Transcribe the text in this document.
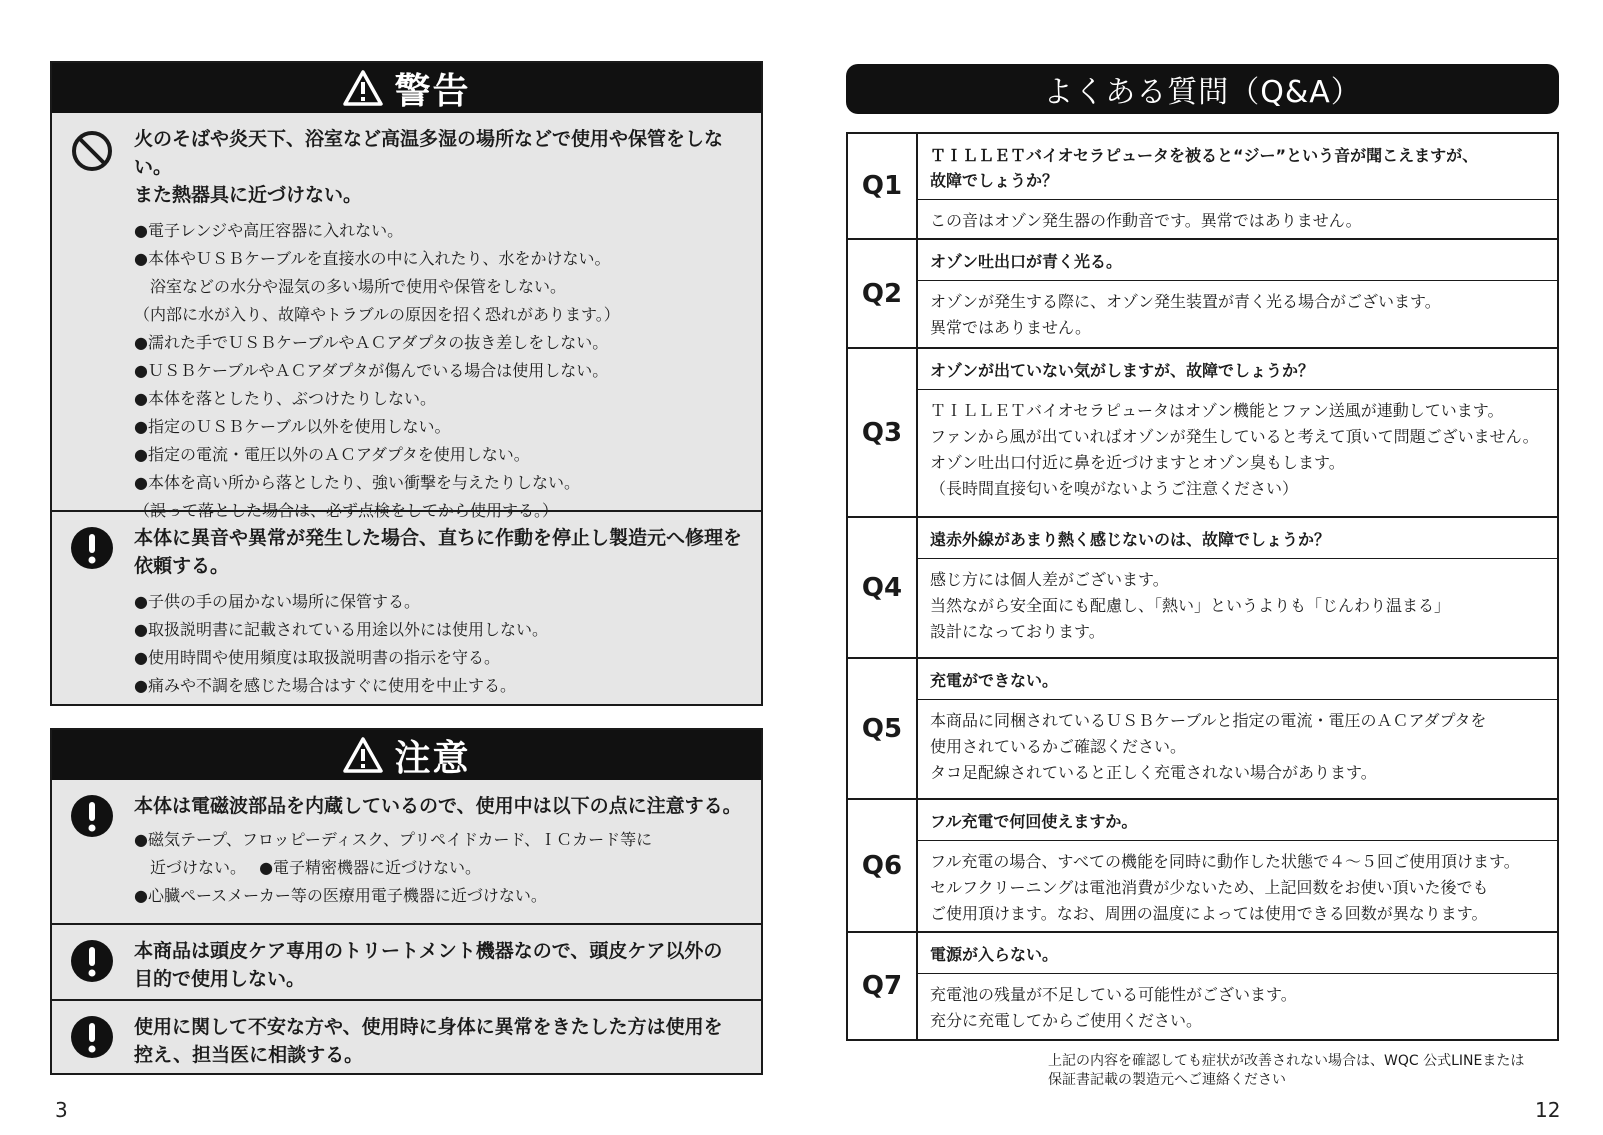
警告
火のそばや炎天下、浴室など高温多湿の場所などで使用や保管をしない。
また熱器具に近づけない。
●電子レンジや高圧容器に入れない。
●本体やＵＳＢケーブルを直接水の中に入れたり、水をかけない。
　浴室などの水分や湿気の多い場所で使用や保管をしない。
（内部に水が入り、故障やトラブルの原因を招く恐れがあります。）
●濡れた手でＵＳＢケーブルやＡＣアダプタの抜き差しをしない。
●ＵＳＢケーブルやＡＣアダプタが傷んでいる場合は使用しない。
●本体を落としたり、ぶつけたりしない。
●指定のＵＳＢケーブル以外を使用しない。
●指定の電流・電圧以外のＡＣアダプタを使用しない。
●本体を高い所から落としたり、強い衝撃を与えたりしない。
（誤って落とした場合は、必ず点検をしてから使用する。）
本体に異音や異常が発生した場合、直ちに作動を停止し製造元へ修理を
依頼する。
●子供の手の届かない場所に保管する。
●取扱説明書に記載されている用途以外には使用しない。
●使用時間や使用頻度は取扱説明書の指示を守る。
●痛みや不調を感じた場合はすぐに使用を中止する。
注意
本体は電磁波部品を内蔵しているので、使用中は以下の点に注意する。
●磁気テープ、フロッピーディスク、プリペイドカード、ＩＣカード等に
　近づけない。　 ●電子精密機器に近づけない。
●心臓ペースメーカー等の医療用電子機器に近づけない。
本商品は頭皮ケア専用のトリートメント機器なので、頭皮ケア以外の
目的で使用しない。
使用に関して不安な方や、使用時に身体に異常をきたした方は使用を
控え、担当医に相談する。
3
よくある質問（Q&A）
Q1
ＴＩＬＬＥＴバイオセラピュータを被ると“ジー”という音が聞こえますが、
故障でしょうか？
この音はオゾン発生器の作動音です。異常ではありません。
Q2
オゾン吐出口が青く光る。
オゾンが発生する際に、オゾン発生装置が青く光る場合がございます。
異常ではありません。
Q3
オゾンが出ていない気がしますが、故障でしょうか？
ＴＩＬＬＥＴバイオセラピュータはオゾン機能とファン送風が連動しています。
ファンから風が出ていればオゾンが発生していると考えて頂いて問題ございません。
オゾン吐出口付近に鼻を近づけますとオゾン臭もします。
（長時間直接匂いを嗅がないようご注意ください）
Q4
遠赤外線があまり熱く感じないのは、故障でしょうか？
感じ方には個人差がございます。
当然ながら安全面にも配慮し、「熱い」というよりも「じんわり温まる」
設計になっております。
Q5
充電ができない。
本商品に同梱されているＵＳＢケーブルと指定の電流・電圧のＡＣアダプタを
使用されているかご確認ください。
タコ足配線されていると正しく充電されない場合があります。
Q6
フル充電で何回使えますか。
フル充電の場合、すべての機能を同時に動作した状態で４～５回ご使用頂けます。
セルフクリーニングは電池消費が少ないため、上記回数をお使い頂いた後でも
ご使用頂けます。なお、周囲の温度によっては使用できる回数が異なります。
Q7
電源が入らない。
充電池の残量が不足している可能性がございます。
充分に充電してからご使用ください。
上記の内容を確認しても症状が改善されない場合は、WQC 公式LINEまたは
保証書記載の製造元へご連絡ください
12
